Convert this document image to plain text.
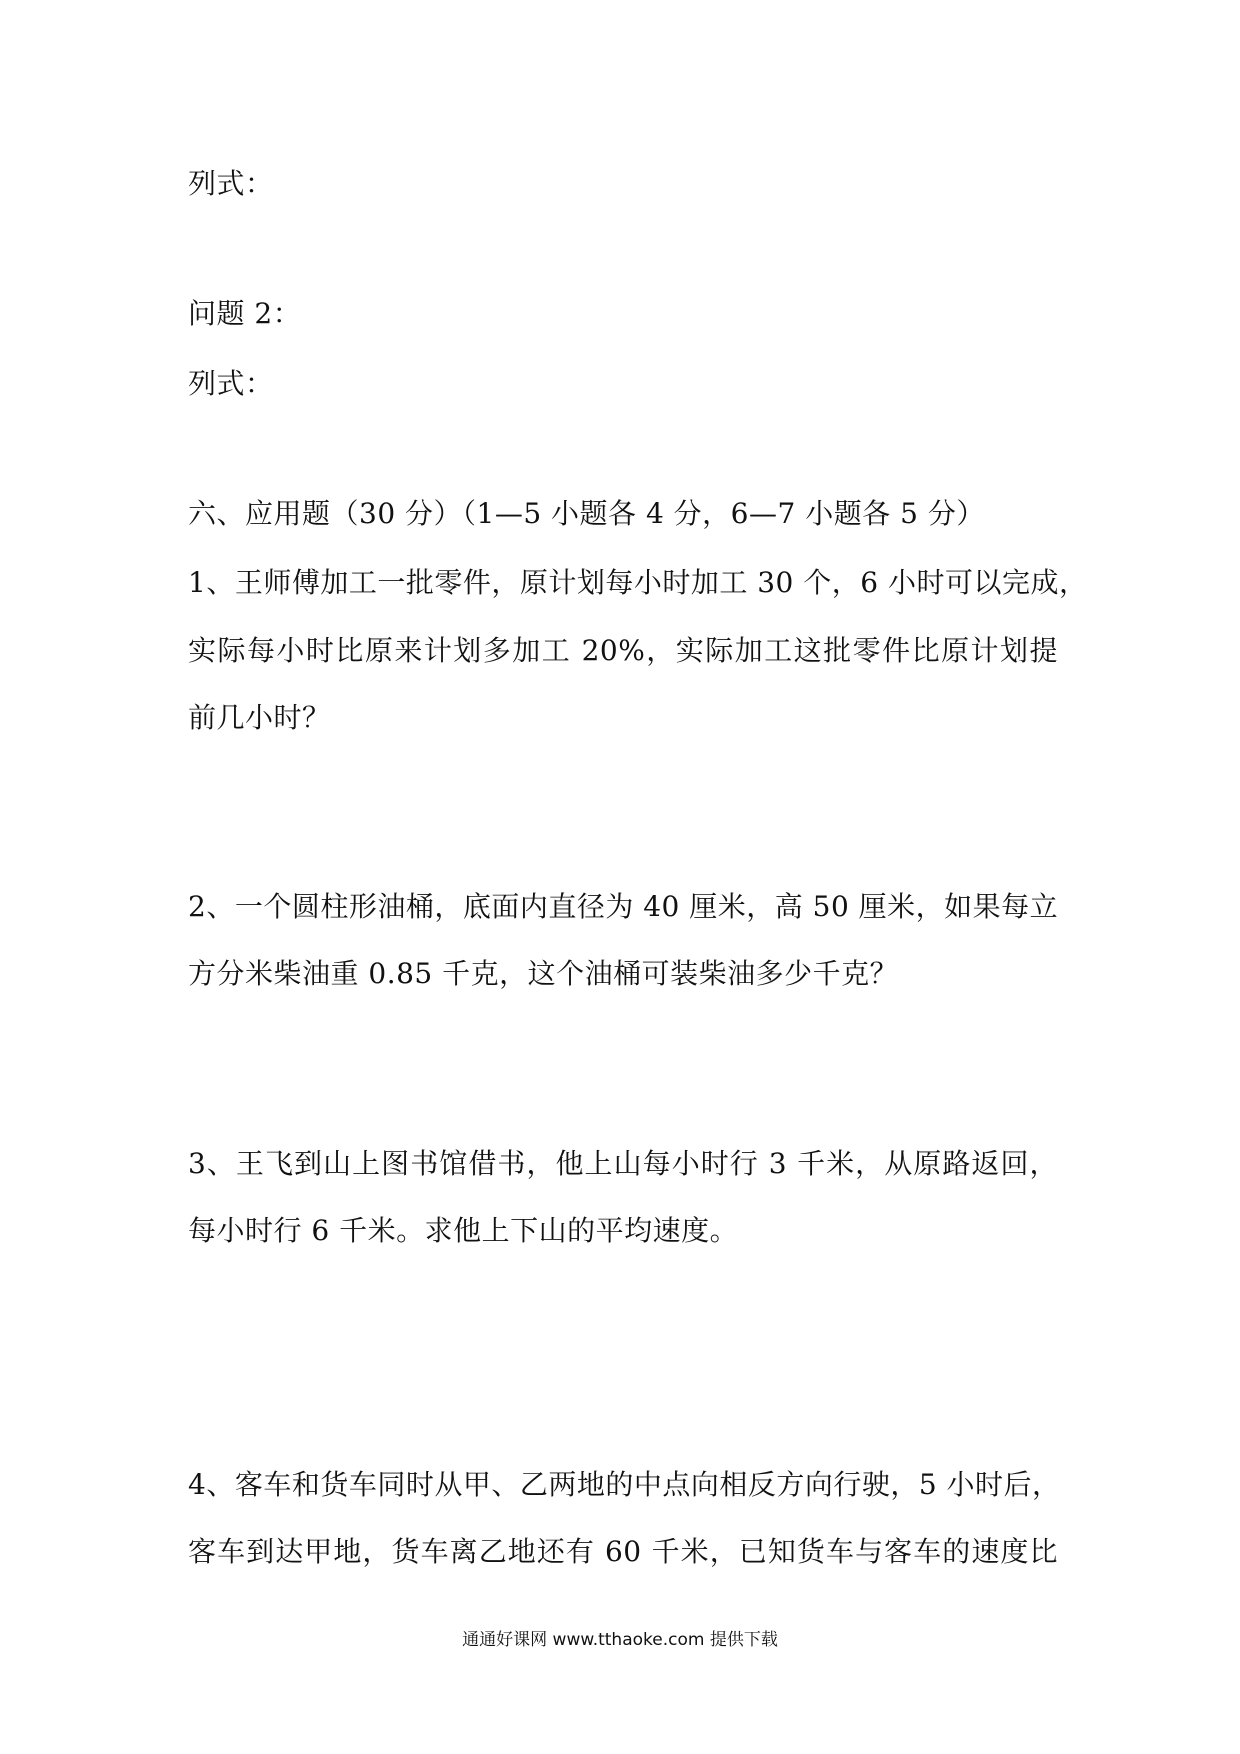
列式：
问题 2：
列式：
六、应用题（30 分）（1—5 小题各 4 分，6—7 小题各 5 分）
1、王师傅加工一批零件，原计划每小时加工 30 个，6 小时可以完成，
实际每小时比原来计划多加工 20%，实际加工这批零件比原计划提
前几小时？
2、一个圆柱形油桶，底面内直径为 40 厘米，高 50 厘米，如果每立
方分米柴油重 0.85 千克，这个油桶可装柴油多少千克？
3、王飞到山上图书馆借书，他上山每小时行 3 千米，从原路返回，
每小时行 6 千米。求他上下山的平均速度。
4、客车和货车同时从甲、乙两地的中点向相反方向行驶，5 小时后，
客车到达甲地，货车离乙地还有 60 千米，已知货车与客车的速度比
通通好课网 www.tthaoke.com 提供下载
